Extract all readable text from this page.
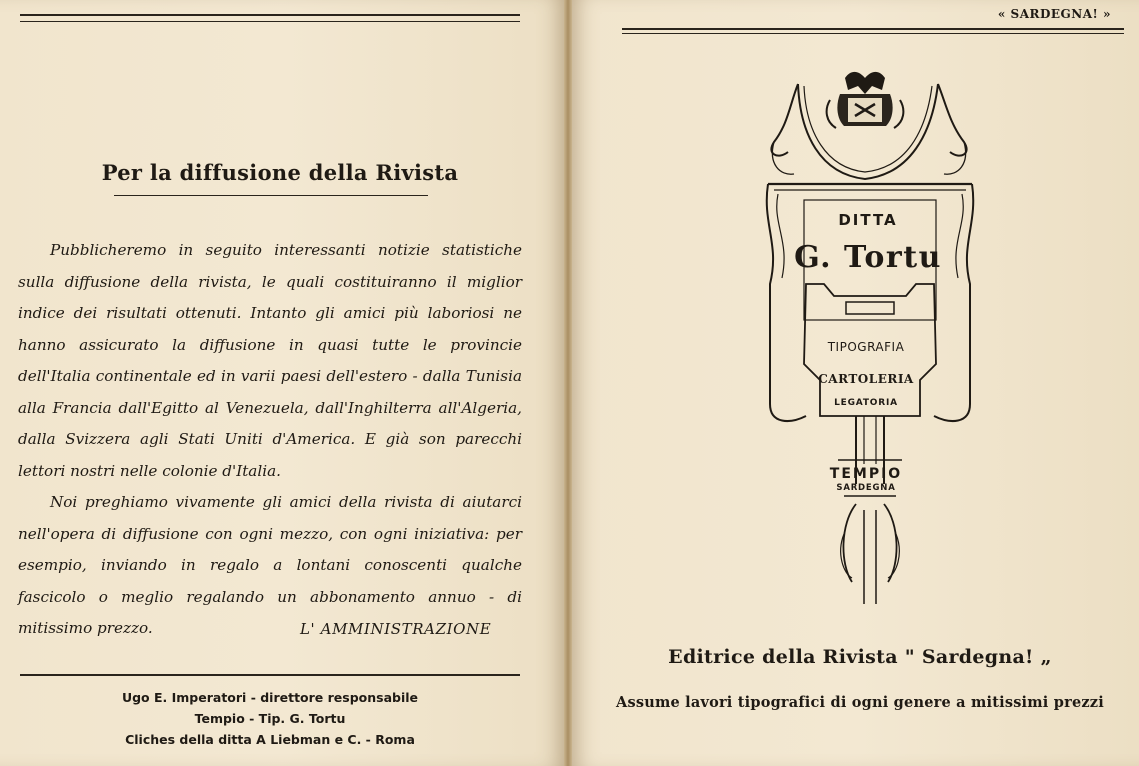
Per la diffusione della Rivista
Pubblicheremo in seguito interessanti notizie statistiche sulla diffusione della rivista, le quali costituiranno il miglior indice dei risultati ottenuti. Intanto gli amici più laboriosi ne hanno assicurato la diffusione in quasi tutte le provincie dell'Italia continentale ed in varii paesi dell'estero - dalla Tunisia alla Francia dall'Egitto al Venezuela, dall'Inghilterra all'Algeria, dalla Svizzera agli Stati Uniti d'America. E già son parecchi lettori nostri nelle colonie d'Italia.
Noi preghiamo vivamente gli amici della rivista di aiutarci nell'opera di diffusione con ogni mezzo, con ogni iniziativa: per esempio, inviando in regalo a lontani conoscenti qualche fascicolo o meglio regalando un abbonamento annuo - di mitissimo prezzo.	L' AMMINISTRAZIONE
Ugo E. Imperatori - direttore responsabile
Tempio - Tip. G. Tortu
Cliches della ditta A Liebman e C. - Roma
« SARDEGNA! »
DITTA
G. Tortu
TIPOGRAFIA
CARTOLERIA
LEGATORIA
TEMPIO
SARDEGNA
Editrice della Rivista " Sardegna! „
Assume lavori tipografici di ogni genere a mitissimi prezzi
